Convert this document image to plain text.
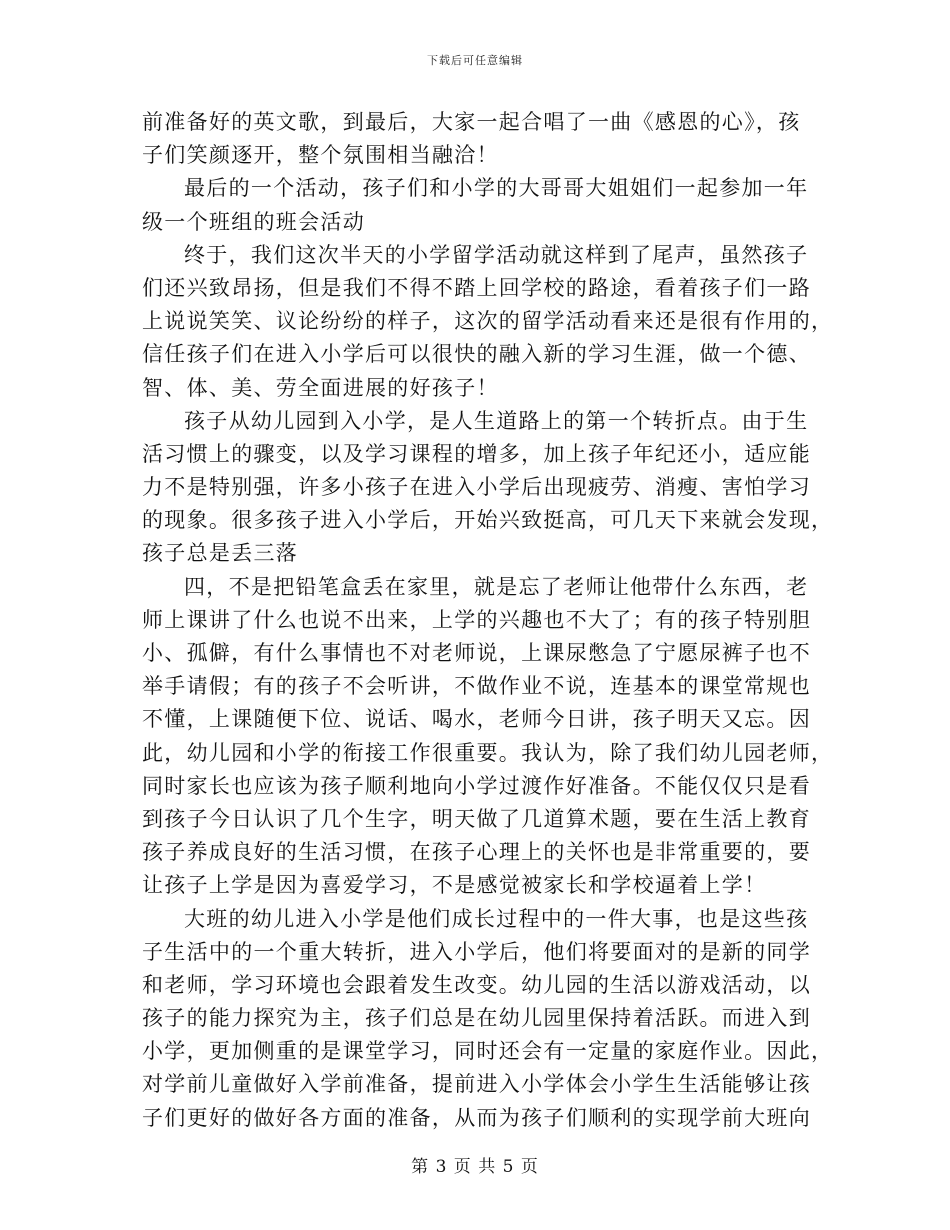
下载后可任意编辑
前准备好的英文歌，到最后，大家一起合唱了一曲《感恩的心》，孩
子们笑颜逐开，整个氛围相当融洽！
最后的一个活动，孩子们和小学的大哥哥大姐姐们一起参加一年
级一个班组的班会活动
终于，我们这次半天的小学留学活动就这样到了尾声，虽然孩子
们还兴致昂扬，但是我们不得不踏上回学校的路途，看着孩子们一路
上说说笑笑、议论纷纷的样子，这次的留学活动看来还是很有作用的，
信任孩子们在进入小学后可以很快的融入新的学习生涯，做一个德、
智、体、美、劳全面进展的好孩子！
孩子从幼儿园到入小学，是人生道路上的第一个转折点。由于生
活习惯上的骤变，以及学习课程的增多，加上孩子年纪还小，适应能
力不是特别强，许多小孩子在进入小学后出现疲劳、消瘦、害怕学习
的现象。很多孩子进入小学后，开始兴致挺高，可几天下来就会发现，
孩子总是丢三落
四，不是把铅笔盒丢在家里，就是忘了老师让他带什么东西，老
师上课讲了什么也说不出来，上学的兴趣也不大了；有的孩子特别胆
小、孤僻，有什么事情也不对老师说，上课尿憋急了宁愿尿裤子也不
举手请假；有的孩子不会听讲，不做作业不说，连基本的课堂常规也
不懂，上课随便下位、说话、喝水，老师今日讲，孩子明天又忘。因
此，幼儿园和小学的衔接工作很重要。我认为，除了我们幼儿园老师，
同时家长也应该为孩子顺利地向小学过渡作好准备。不能仅仅只是看
到孩子今日认识了几个生字，明天做了几道算术题，要在生活上教育
孩子养成良好的生活习惯，在孩子心理上的关怀也是非常重要的，要
让孩子上学是因为喜爱学习，不是感觉被家长和学校逼着上学！
大班的幼儿进入小学是他们成长过程中的一件大事，也是这些孩
子生活中的一个重大转折，进入小学后，他们将要面对的是新的同学
和老师，学习环境也会跟着发生改变。幼儿园的生活以游戏活动，以
孩子的能力探究为主，孩子们总是在幼儿园里保持着活跃。而进入到
小学，更加侧重的是课堂学习，同时还会有一定量的家庭作业。因此，
对学前儿童做好入学前准备，提前进入小学体会小学生生活能够让孩
子们更好的做好各方面的准备，从而为孩子们顺利的实现学前大班向
第 3 页 共 5 页
